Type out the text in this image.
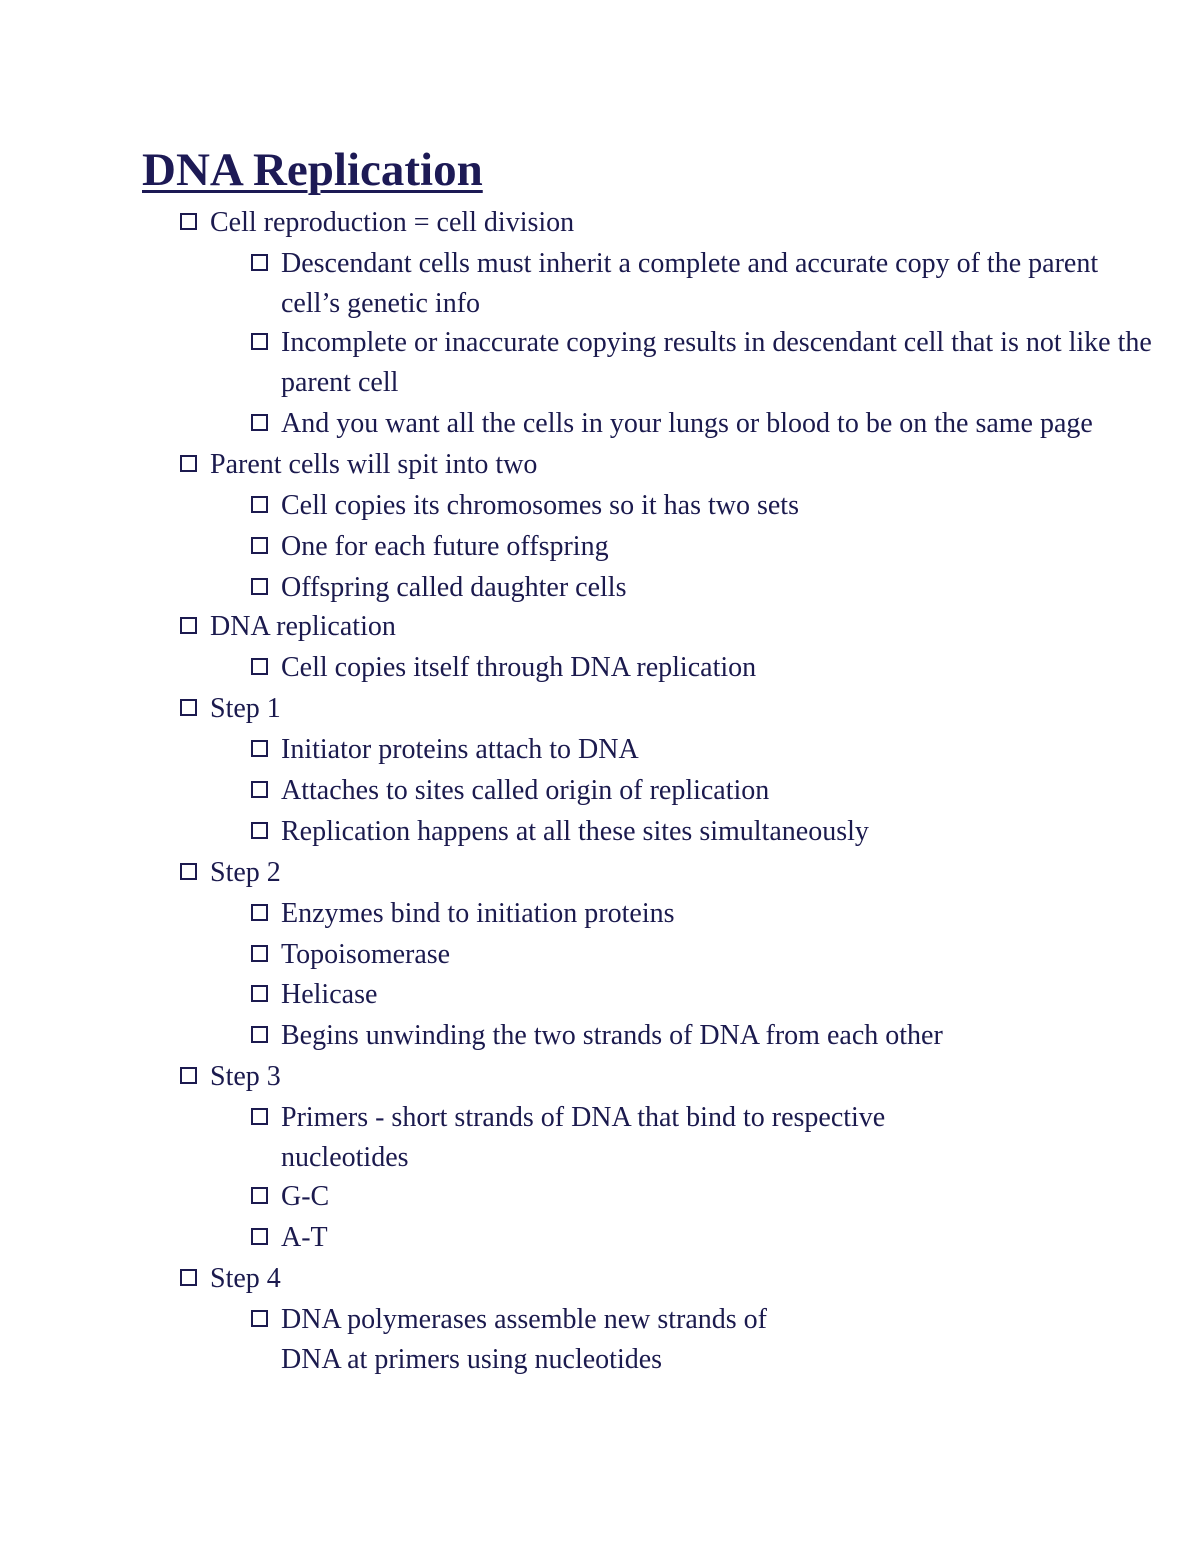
DNA Replication
Cell reproduction = cell division
Descendant cells must inherit a complete and accurate copy of the parent cell’s genetic info
Incomplete or inaccurate copying results in descendant cell that is not like the parent cell
And you want all the cells in your lungs or blood to be on the same page
Parent cells will spit into two
Cell copies its chromosomes so it has two sets
One for each future offspring
Offspring called daughter cells
DNA replication
Cell copies itself through DNA replication
Step 1
Initiator proteins attach to DNA
Attaches to sites called origin of replication
Replication happens at all these sites simultaneously
Step 2
Enzymes bind to initiation proteins
Topoisomerase
Helicase
Begins unwinding the two strands of DNA from each other
Step 3
Primers - short strands of DNA that bind to respective nucleotides
G-C
A-T
Step 4
DNA polymerases assemble new strands of DNA at primers using nucleotides
